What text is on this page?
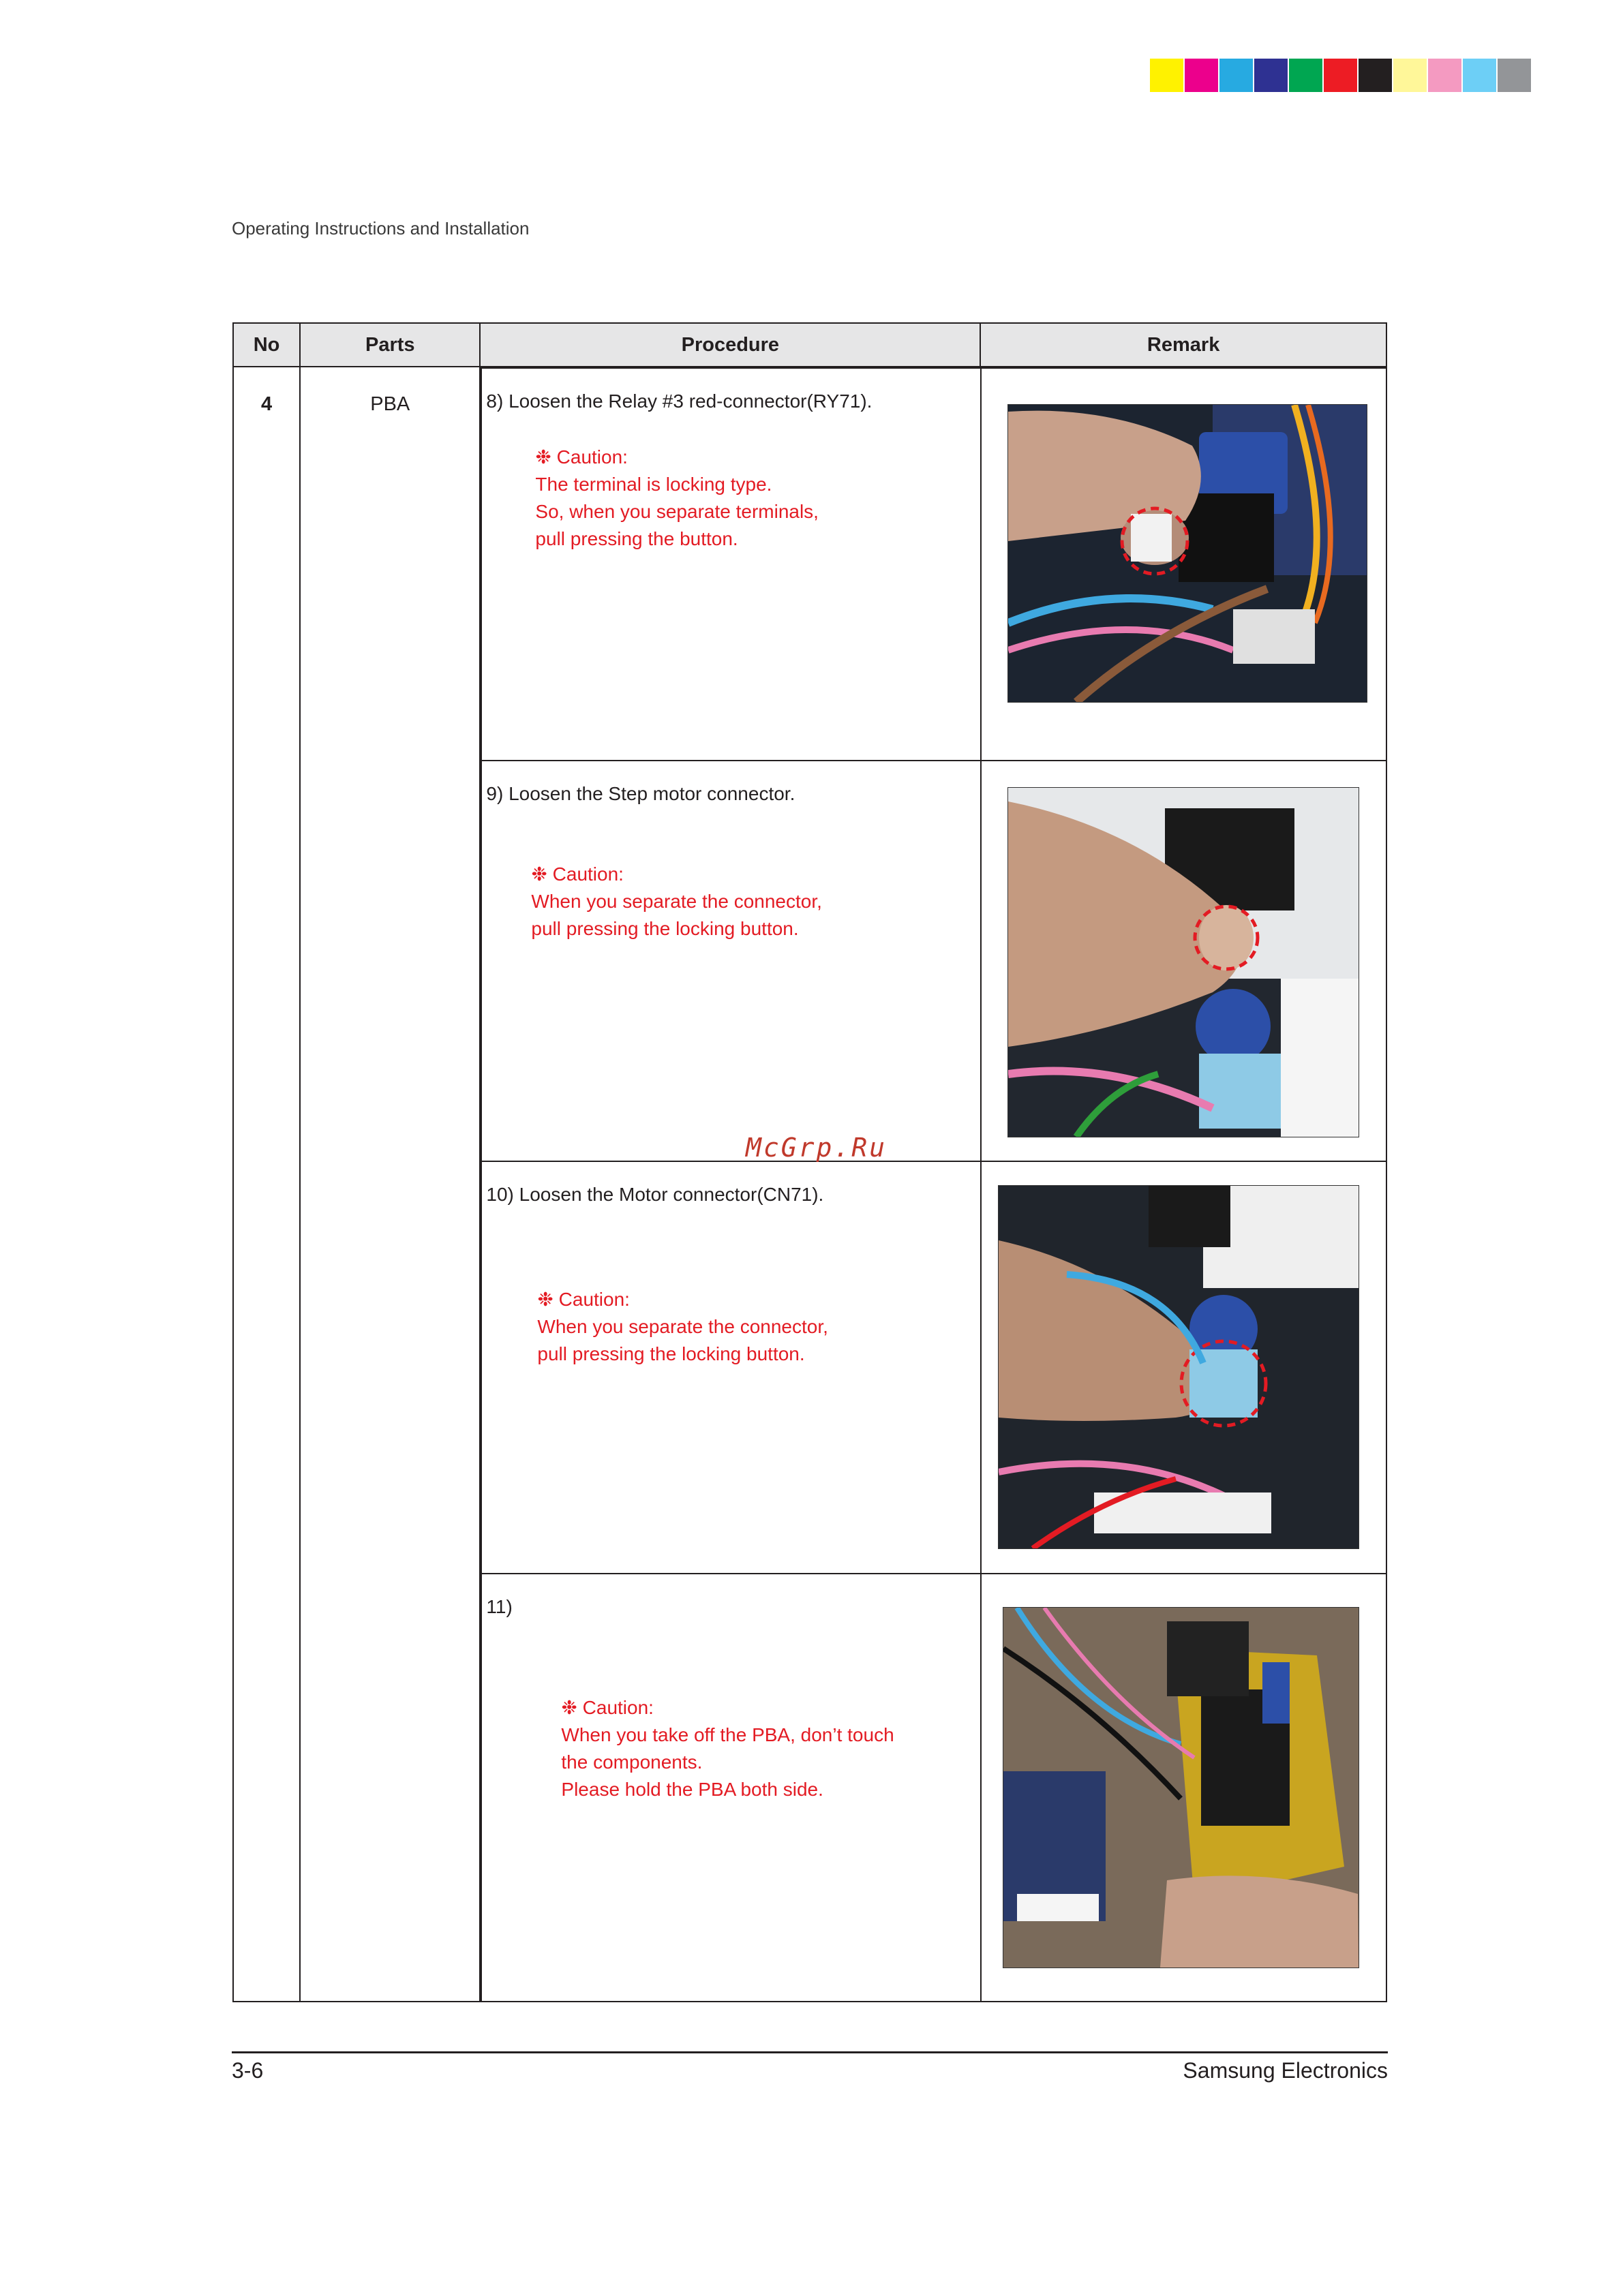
Operating Instructions and Installation
No	Parts	Procedure	Remark
4	PBA		8) Loosen the Relay #3 red-connector(RY71).
❉ Caution:
The terminal is locking type.
So, when you separate terminals,
pull pressing the button.

9) Loosen the Step motor connector.
❉ Caution:
When you separate the connector,
pull pressing the locking button.

10) Loosen the Motor connector(CN71).
❉ Caution:
When you separate the connector,
pull pressing the locking button.

11)
❉ Caution:
When you take off the PBA, don’t touch
the components.
Please hold the PBA both side.

McGrp.Ru
3-6	Samsung Electronics
